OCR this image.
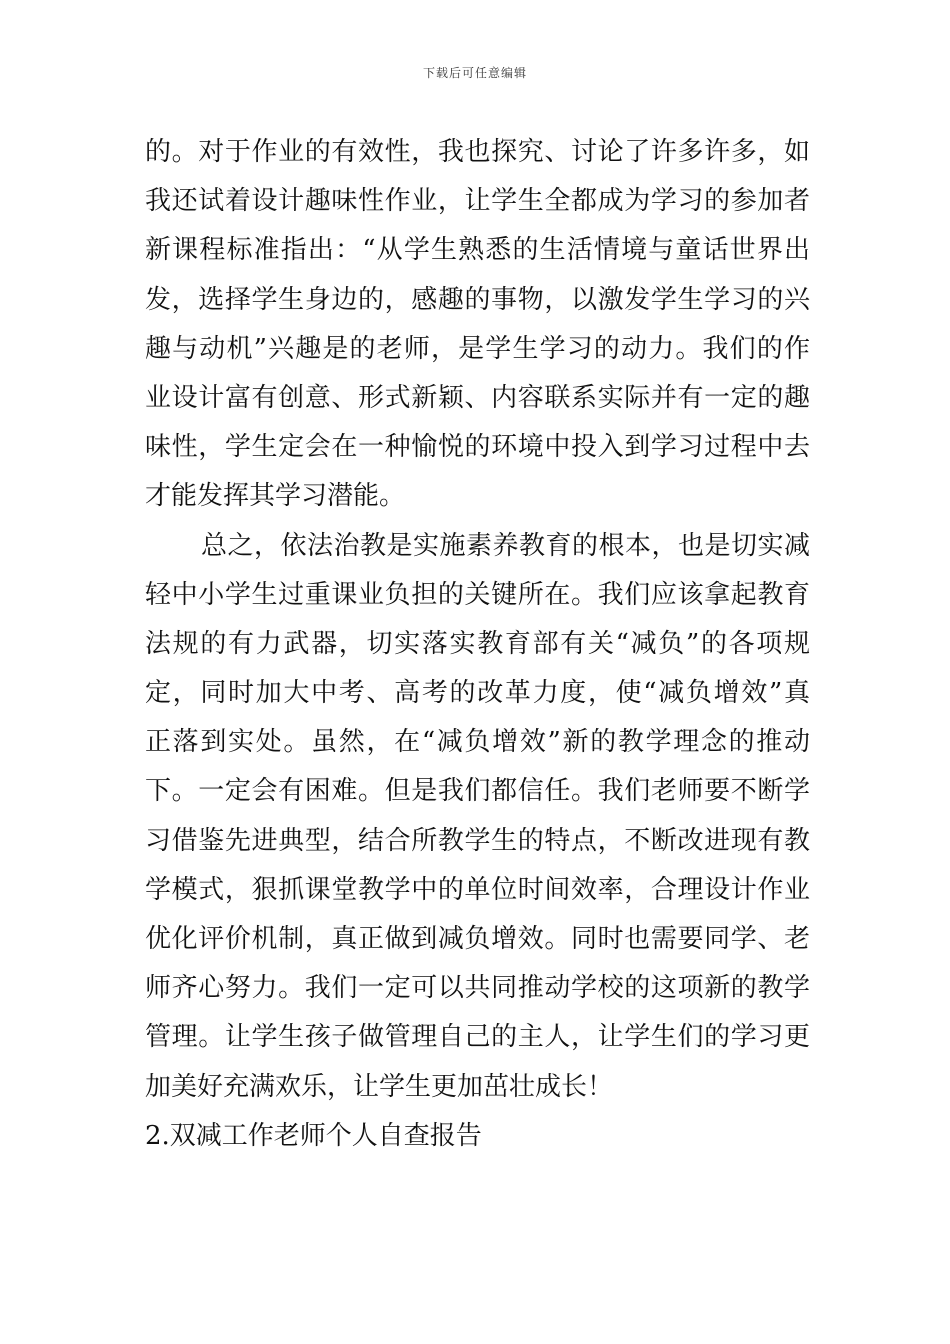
下载后可任意编辑
的。对于作业的有效性，我也探究、讨论了许多许多，如
我还试着设计趣味性作业，让学生全都成为学习的参加者
新课程标准指出：“从学生熟悉的生活情境与童话世界出
发，选择学生身边的，感趣的事物，以激发学生学习的兴
趣与动机”兴趣是的老师，是学生学习的动力。我们的作
业设计富有创意、形式新颖、内容联系实际并有一定的趣
味性，学生定会在一种愉悦的环境中投入到学习过程中去
才能发挥其学习潜能。
总之，依法治教是实施素养教育的根本，也是切实减
轻中小学生过重课业负担的关键所在。我们应该拿起教育
法规的有力武器，切实落实教育部有关“减负”的各项规
定，同时加大中考、高考的改革力度，使“减负增效”真
正落到实处。虽然，在“减负增效”新的教学理念的推动
下。一定会有困难。但是我们都信任。我们老师要不断学
习借鉴先进典型，结合所教学生的特点，不断改进现有教
学模式，狠抓课堂教学中的单位时间效率，合理设计作业
优化评价机制，真正做到减负增效。同时也需要同学、老
师齐心努力。我们一定可以共同推动学校的这项新的教学
管理。让学生孩子做管理自己的主人，让学生们的学习更
加美好充满欢乐，让学生更加茁壮成长！
2.双减工作老师个人自查报告
